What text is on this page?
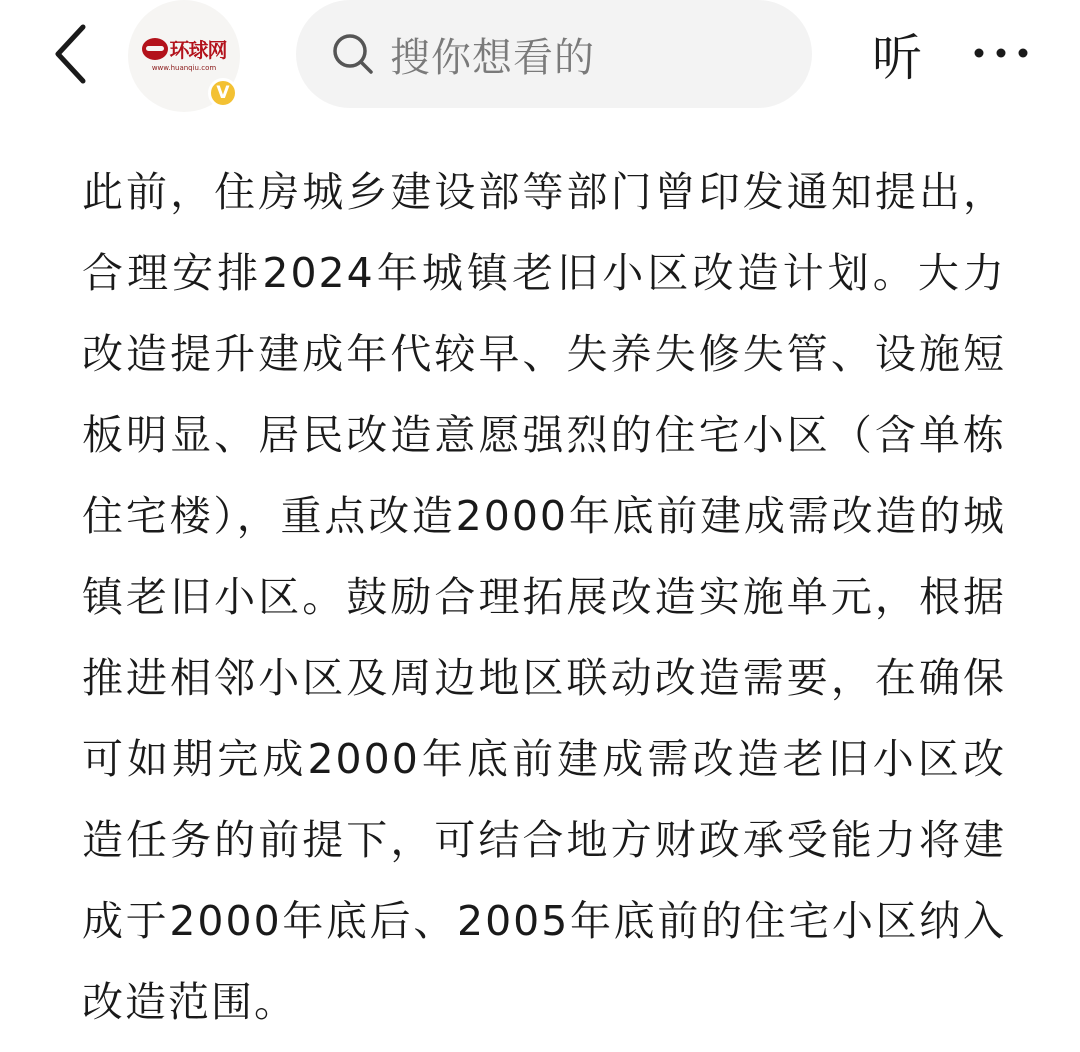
环球网
www.huanqiu.com
V
搜你想看的	听

此前，住房城乡建设部等部门曾印发通知提出，合理安排2024年城镇老旧小区改造计划。大力改造提升建成年代较早、失养失修失管、设施短板明显、居民改造意愿强烈的住宅小区（含单栋住宅楼），重点改造2000年底前建成需改造的城镇老旧小区。鼓励合理拓展改造实施单元，根据推进相邻小区及周边地区联动改造需要，在确保可如期完成2000年底前建成需改造老旧小区改造任务的前提下，可结合地方财政承受能力将建成于2000年底后、2005年底前的住宅小区纳入改造范围。
